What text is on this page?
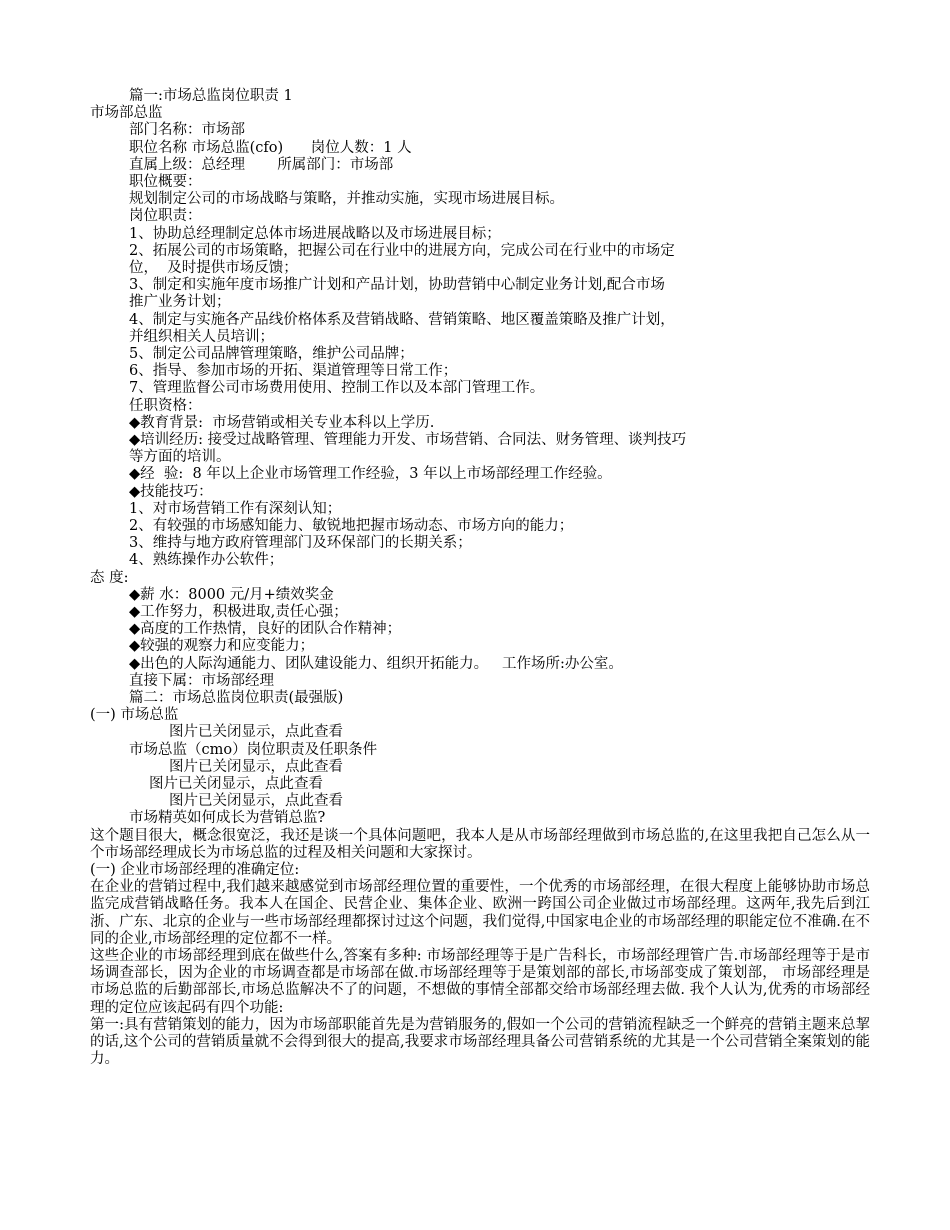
篇一:市场总监岗位职责 1
市场部总监
部门名称：市场部
职位名称 市场总监(cfo)      岗位人数：1 人
直属上级：总经理       所属部门：市场部
职位概要：
规划制定公司的市场战略与策略，并推动实施，实现市场进展目标。
岗位职责：
1、协助总经理制定总体市场进展战略以及市场进展目标；
2、拓展公司的市场策略，把握公司在行业中的进展方向，完成公司在行业中的市场定
位，  及时提供市场反馈；
3、制定和实施年度市场推广计划和产品计划，协助营销中心制定业务计划,配合市场
推广业务计划；
4、制定与实施各产品线价格体系及营销战略、营销策略、地区覆盖策略及推广计划，
并组织相关人员培训；
5、制定公司品牌管理策略，维护公司品牌；
6、指导、参加市场的开拓、渠道管理等日常工作；
7、管理监督公司市场费用使用、控制工作以及本部门管理工作。
任职资格：
◆教育背景:  市场营销或相关专业本科以上学历.
◆培训经历: 接受过战略管理、管理能力开发、市场营销、合同法、财务管理、谈判技巧
等方面的培训。
◆经  验:  8 年以上企业市场管理工作经验，3 年以上市场部经理工作经验。
◆技能技巧：
1、对市场营销工作有深刻认知；
2、有较强的市场感知能力、敏锐地把握市场动态、市场方向的能力；
3、维持与地方政府管理部门及环保部门的长期关系；
4、熟练操作办公软件；
态 度:
◆薪 水：8000 元/月+绩效奖金
◆工作努力，积极进取,责任心强；
◆高度的工作热情，良好的团队合作精神；
◆较强的观察力和应变能力；
◆出色的人际沟通能力、团队建设能力、组织开拓能力。   工作场所:办公室。
直接下属：市场部经理
篇二：市场总监岗位职责(最强版)
(一) 市场总监
图片已关闭显示，点此查看
市场总监（cmo）岗位职责及任职条件
图片已关闭显示，点此查看
图片已关闭显示，点此查看
图片已关闭显示，点此查看
市场精英如何成长为营销总监?
这个题目很大，概念很宽泛，我还是谈一个具体问题吧，我本人是从市场部经理做到市场总监的,在这里我把自己怎么从一个市场部经理成长为市场总监的过程及相关问题和大家探讨。
(一) 企业市场部经理的准确定位:
在企业的营销过程中,我们越来越感觉到市场部经理位置的重要性，一个优秀的市场部经理，在很大程度上能够协助市场总监完成营销战略任务。我本人在国企、民营企业、集体企业、欧洲一跨国公司企业做过市场部经理。这两年,我先后到江浙、广东、北京的企业与一些市场部经理都探讨过这个问题，我们觉得,中国家电企业的市场部经理的职能定位不准确.在不同的企业,市场部经理的定位都不一样。
这些企业的市场部经理到底在做些什么,答案有多种: 市场部经理等于是广告科长，市场部经理管广告.市场部经理等于是市场调查部长，因为企业的市场调查都是市场部在做.市场部经理等于是策划部的部长,市场部变成了策划部， 市场部经理是市场总监的后勤部部长,市场总监解决不了的问题，不想做的事情全部都交给市场部经理去做. 我个人认为,优秀的市场部经理的定位应该起码有四个功能:
第一:具有营销策划的能力，因为市场部职能首先是为营销服务的,假如一个公司的营销流程缺乏一个鲜亮的营销主题来总挈的话,这个公司的营销质量就不会得到很大的提高,我要求市场部经理具备公司营销系统的尤其是一个公司营销全案策划的能力。
